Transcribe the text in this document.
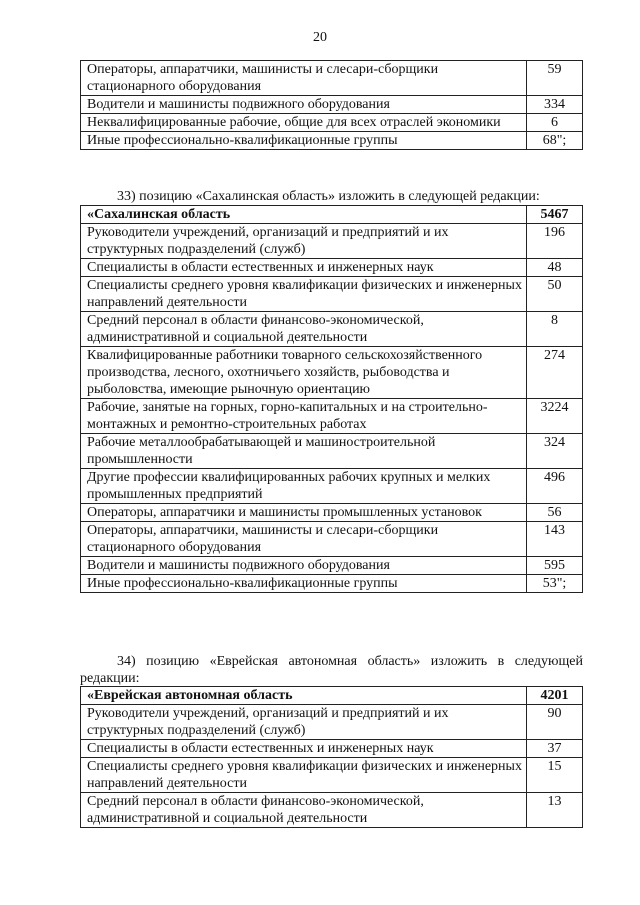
20
Операторы, аппаратчики, машинисты и слесари-сборщики стационарного оборудования	59
Водители и машинисты подвижного оборудования	334
Неквалифицированные рабочие, общие для всех отраслей экономики	6
Иные профессионально-квалификационные группы	68";
33) позицию «Сахалинская область» изложить в следующей редакции:
«Сахалинская область	5467
Руководители учреждений, организаций и предприятий и их структурных подразделений (служб)	196
Специалисты в области естественных и инженерных наук	48
Специалисты среднего уровня квалификации физических и инженерных направлений деятельности	50
Средний персонал в области финансово-экономической, административной и социальной деятельности	8
Квалифицированные работники товарного сельскохозяйственного производства, лесного, охотничьего хозяйств, рыбоводства и рыболовства, имеющие рыночную ориентацию	274
Рабочие, занятые на горных, горно-капитальных и на строительно-монтажных и ремонтно-строительных работах	3224
Рабочие металлообрабатывающей и машиностроительной промышленности	324
Другие профессии квалифицированных рабочих крупных и мелких промышленных предприятий	496
Операторы, аппаратчики и машинисты промышленных установок	56
Операторы, аппаратчики, машинисты и слесари-сборщики стационарного оборудования	143
Водители и машинисты подвижного оборудования	595
Иные профессионально-квалификационные группы	53";
34) позицию «Еврейская автономная область» изложить в следующей редакции:
«Еврейская автономная область	4201
Руководители учреждений, организаций и предприятий и их структурных подразделений (служб)	90
Специалисты в области естественных и инженерных наук	37
Специалисты среднего уровня квалификации физических и инженерных направлений деятельности	15
Средний персонал в области финансово-экономической, административной и социальной деятельности	13
